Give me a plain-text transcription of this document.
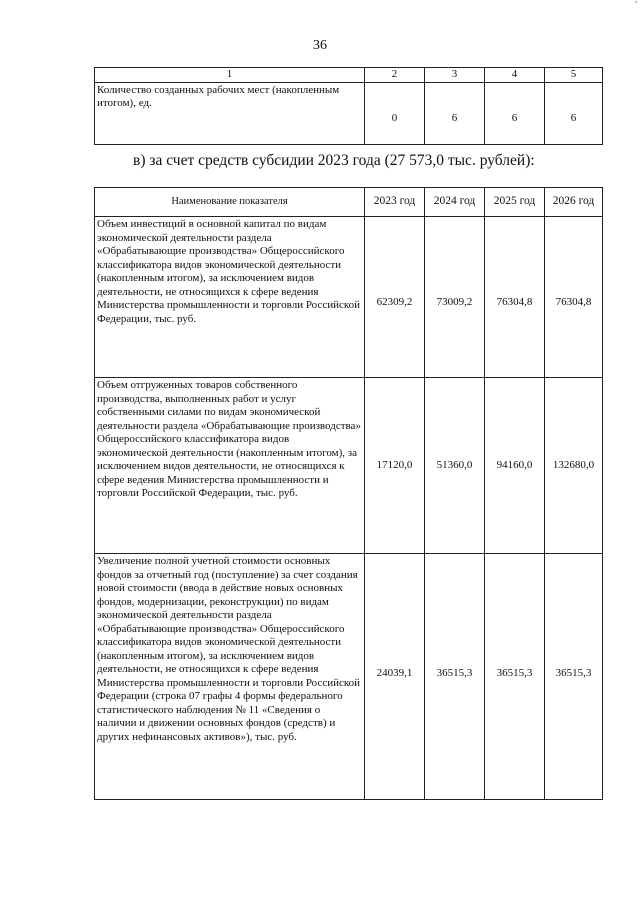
'
36
1	2	3	4	5
Количество созданных рабочих мест (накопленным итогом), ед.	0	6	6	6
в) за счет средств субсидии 2023 года (27 573,0 тыс. рублей):
Наименование показателя	2023 год	2024 год	2025 год	2026 год
Объем инвестиций в основной капитал по видам экономической деятельности раздела «Обрабатывающие производства» Общероссийского классификатора видов экономической деятельности (накопленным итогом), за исключением видов деятельности, не относящихся к сфере ведения Министерства промышленности и торговли Российской Федерации, тыс. руб.	62309,2	73009,2	76304,8	76304,8
Объем отгруженных товаров собственного производства, выполненных работ и услуг собственными силами по видам экономической деятельности раздела «Обрабатывающие производства» Общероссийского классификатора видов экономической деятельности (накопленным итогом), за исключением видов деятельности, не относящихся к сфере ведения Министерства промышленности и торговли Российской Федерации, тыс. руб.	17120,0	51360,0	94160,0	132680,0
Увеличение полной учетной стоимости основных фондов за отчетный год (поступление) за счет создания новой стоимости (ввода в действие новых основных фондов, модернизации, реконструкции) по видам экономической деятельности раздела «Обрабатывающие производства» Общероссийского классификатора видов экономической деятельности (накопленным итогом), за исключением видов деятельности, не относящихся к сфере ведения Министерства промышленности и торговли Российской Федерации (строка 07 графы 4 формы федерального статистического наблюдения № 11 «Сведения о наличии и движении основных фондов (средств) и других нефинансовых активов»), тыс. руб.	24039,1	36515,3	36515,3	36515,3
